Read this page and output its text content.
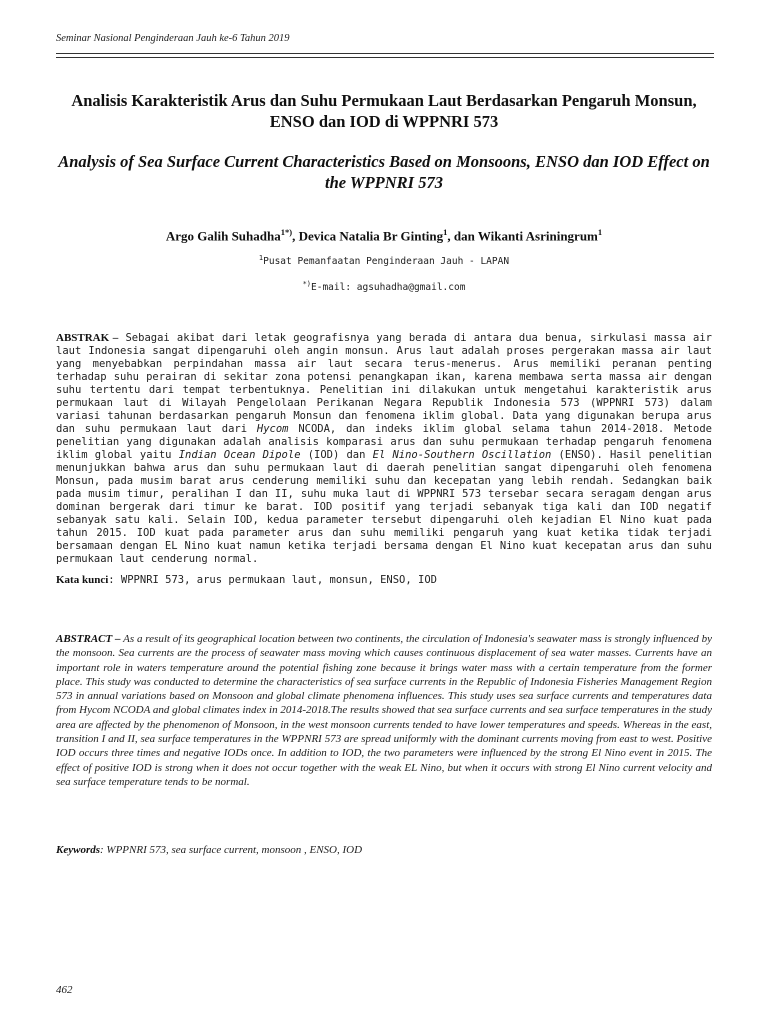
Seminar Nasional Penginderaan Jauh ke-6 Tahun 2019
Analisis Karakteristik Arus dan Suhu Permukaan Laut Berdasarkan Pengaruh Monsun, ENSO dan IOD di WPPNRI 573
Analysis of Sea Surface Current Characteristics Based on Monsoons, ENSO dan IOD Effect on the WPPNRI 573
Argo Galih Suhadha$^{1*)}$, Devica Natalia Br Ginting$^1$, dan Wikanti Asriningrum$^1$
$^1$Pusat Pemanfaatan Penginderaan Jauh - LAPAN
*)E-mail: agsuhadha@gmail.com
ABSTRAK – Sebagai akibat dari letak geografisnya yang berada di antara dua benua, sirkulasi massa air laut Indonesia sangat dipengaruhi oleh angin monsun. Arus laut adalah proses pergerakan massa air laut yang menyebabkan perpindahan massa air laut secara terus-menerus. Arus memiliki peranan penting terhadap suhu perairan di sekitar zona potensi penangkapan ikan, karena membawa serta massa air dengan suhu tertentu dari tempat terbentuknya. Penelitian ini dilakukan untuk mengetahui karakteristik arus permukaan laut di Wilayah Pengelolaan Perikanan Negara Republik Indonesia 573 (WPPNRI 573) dalam variasi tahunan berdasarkan pengaruh Monsun dan fenomena iklim global. Data yang digunakan berupa arus dan suhu permukaan laut dari Hycom NCODA, dan indeks iklim global selama tahun 2014-2018. Metode penelitian yang digunakan adalah analisis komparasi arus dan suhu permukaan terhadap pengaruh fenomena iklim global yaitu Indian Ocean Dipole (IOD) dan El Nino-Southern Oscillation (ENSO). Hasil penelitian menunjukkan bahwa arus dan suhu permukaan laut di daerah penelitian sangat dipengaruhi oleh fenomena Monsun, pada musim barat arus cenderung memiliki suhu dan kecepatan yang lebih rendah. Sedangkan baik pada musim timur, peralihan I dan II, suhu muka laut di WPPNRI 573 tersebar secara seragam dengan arus dominan bergerak dari timur ke barat. IOD positif yang terjadi sebanyak tiga kali dan IOD negatif sebanyak satu kali. Selain IOD, kedua parameter tersebut dipengaruhi oleh kejadian El Nino kuat pada tahun 2015. IOD kuat pada parameter arus dan suhu memiliki pengaruh yang kuat ketika tidak terjadi bersamaan dengan EL Nino kuat namun ketika terjadi bersama dengan El Nino kuat kecepatan arus dan suhu permukaan laut cenderung normal.
Kata kunci: WPPNRI 573, arus permukaan laut, monsun, ENSO, IOD
ABSTRACT – As a result of its geographical location between two continents, the circulation of Indonesia's seawater mass is strongly influenced by the monsoon. Sea currents are the process of seawater mass moving which causes continuous displacement of sea water masses. Currents have an important role in waters temperature around the potential fishing zone because it brings water mass with a certain temperature from the former place. This study was conducted to determine the characteristics of sea surface currents in the Republic of Indonesia Fisheries Management Region 573 in annual variations based on Monsoon and global climate phenomena influences. This study uses sea surface currents and temperatures data from Hycom NCODA and global climates index in 2014-2018.The results showed that sea surface currents and sea surface temperatures in the study area are affected by the phenomenon of Monsoon, in the west monsoon currents tended to have lower temperatures and speeds. Whereas in the east, transition I and II, sea surface temperatures in the WPPNRI 573 are spread uniformly with the dominant currents moving from east to west. Positive IOD occurs three times and negative IODs once. In addition to IOD, the two parameters were influenced by the strong El Nino event in 2015. The effect of positive IOD is strong when it does not occur together with the weak EL Nino, but when it occurs with strong El Nino current velocity and sea surface temperature tends to be normal.
Keywords: WPPNRI 573, sea surface current, monsoon , ENSO, IOD
462
